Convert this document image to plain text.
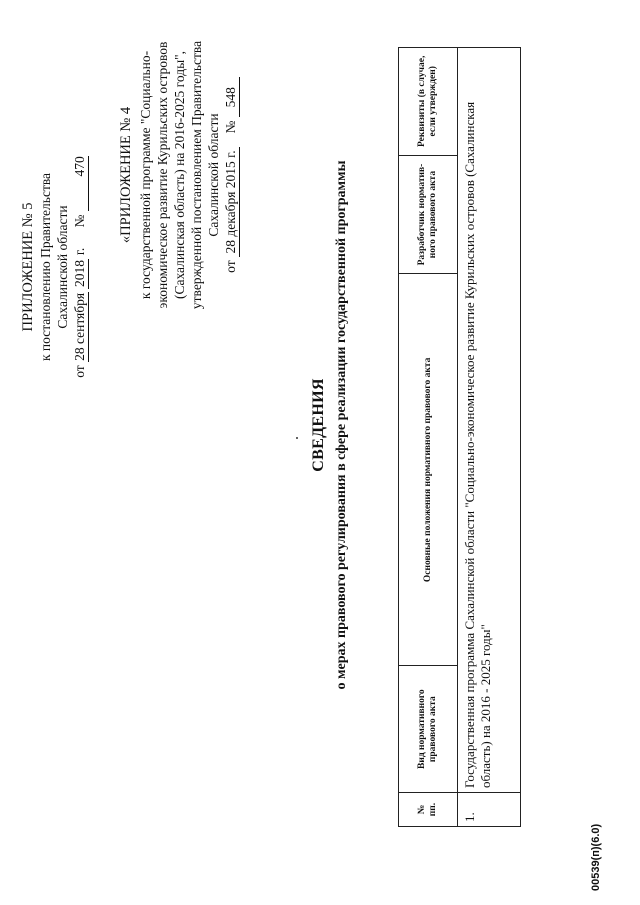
ПРИЛОЖЕНИЕ № 5 к постановлению Правительства Сахалинской области
от 28 сентября 2018 г.      № 470 «ПРИЛОЖЕНИЕ № 4 к государственной программе "Социально- экономическое развитие Курильских островов (Сахалинская область) на 2016-2025 годы", утвержденной постановлением Правительства Сахалинской области
от 28 декабря 2015 г.    № 548
СВЕДЕНИЯ о мерах правового регулирования в сфере реализации государственной программы
№ пп.	Вид нормативного правового акта	Основные положения нормативного правового акта	Разработчик норматив-ного правового акта	Реквизиты (в случае, если утвержден)
1.	Государственная программа Сахалинской области "Социально-экономическое развитие Курильских островов (Сахалинская область) на 2016 - 2025 годы"			
00539(п)(6.0)
